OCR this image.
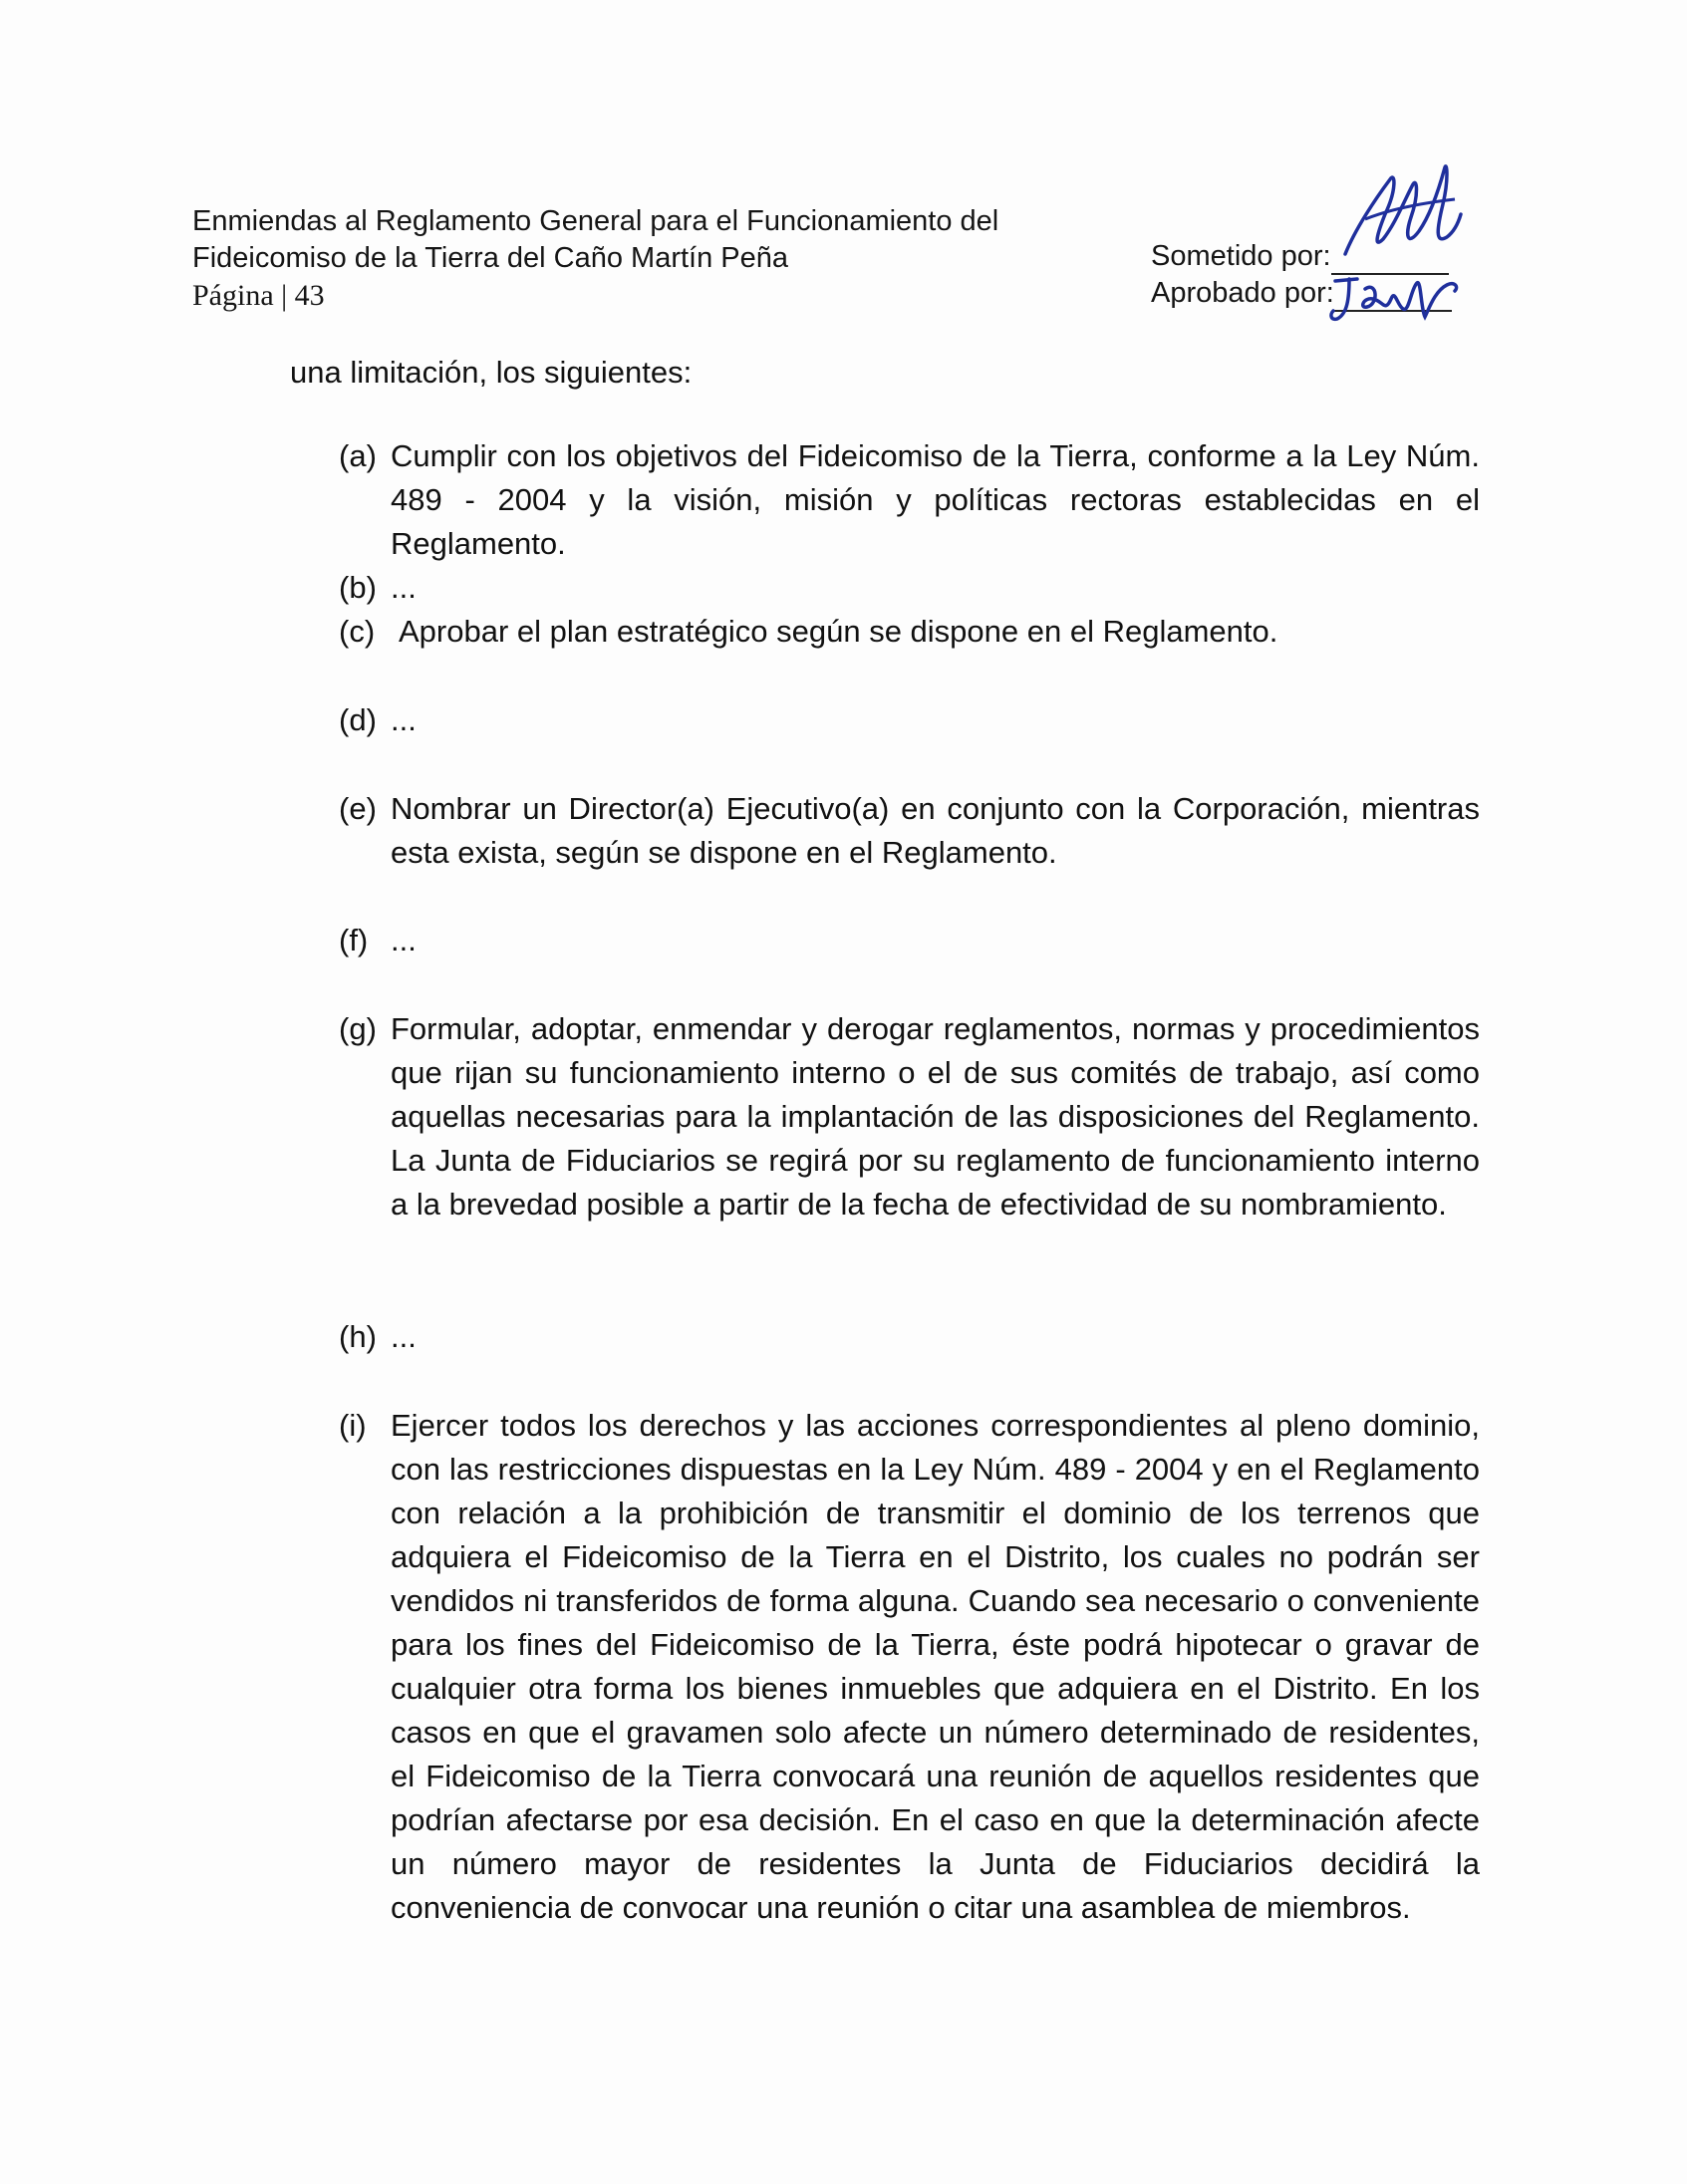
Enmiendas al Reglamento General para el Funcionamiento del
Fideicomiso de la Tierra del Caño Martín Peña
Página | 43
Sometido por:
Aprobado por:
una limitación, los siguientes:
(a) Cumplir con los objetivos del Fideicomiso de la Tierra, conforme a la Ley Núm. 489 - 2004 y la visión, misión y políticas rectoras establecidas en el Reglamento.
(b) ...
(c) Aprobar el plan estratégico según se dispone en el Reglamento.
(d) ...
(e) Nombrar un Director(a) Ejecutivo(a) en conjunto con la Corporación, mientras esta exista, según se dispone en el Reglamento.
(f) ...
(g) Formular, adoptar, enmendar y derogar reglamentos, normas y procedimientos que rijan su funcionamiento interno o el de sus comités de trabajo, así como aquellas necesarias para la implantación de las disposiciones del Reglamento. La Junta de Fiduciarios se regirá por su reglamento de funcionamiento interno a la brevedad posible a partir de la fecha de efectividad de su nombramiento.
(h) ...
(i) Ejercer todos los derechos y las acciones correspondientes al pleno dominio, con las restricciones dispuestas en la Ley Núm. 489 - 2004 y en el Reglamento con relación a la prohibición de transmitir el dominio de los terrenos que adquiera el Fideicomiso de la Tierra en el Distrito, los cuales no podrán ser vendidos ni transferidos de forma alguna. Cuando sea necesario o conveniente para los fines del Fideicomiso de la Tierra, éste podrá hipotecar o gravar de cualquier otra forma los bienes inmuebles que adquiera en el Distrito. En los casos en que el gravamen solo afecte un número determinado de residentes, el Fideicomiso de la Tierra convocará una reunión de aquellos residentes que podrían afectarse por esa decisión. En el caso en que la determinación afecte un número mayor de residentes la Junta de Fiduciarios decidirá la conveniencia de convocar una reunión o citar una asamblea de miembros.
